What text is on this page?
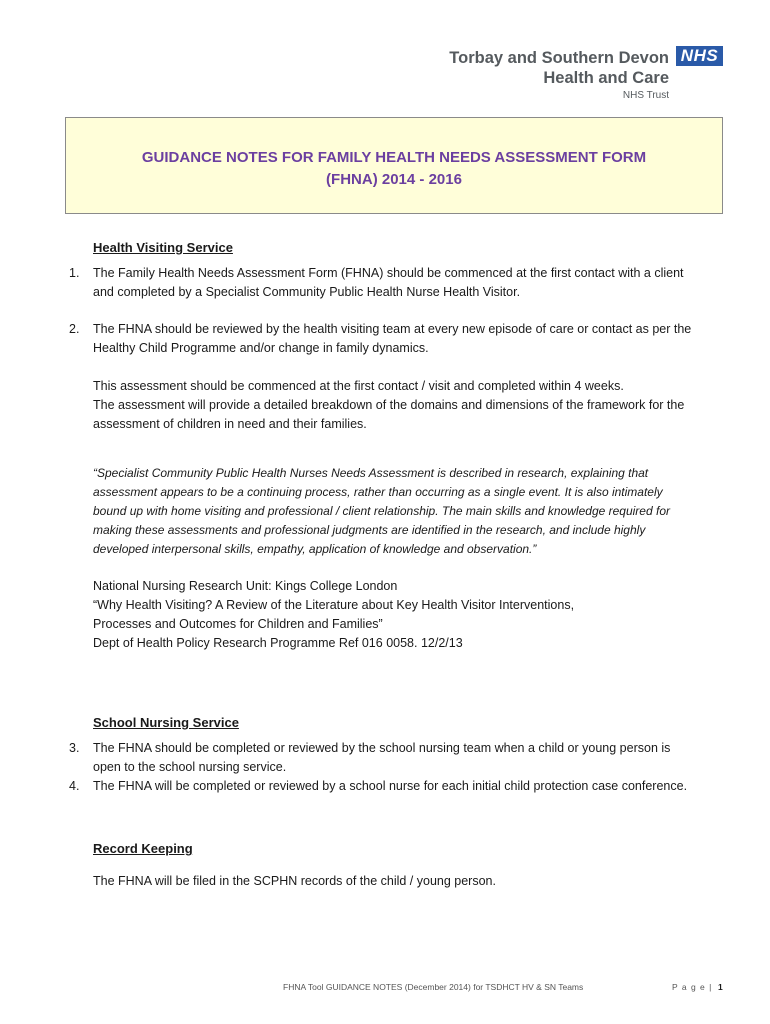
Torbay and Southern Devon
Health and Care
NHS Trust
NHS
GUIDANCE NOTES FOR FAMILY HEALTH NEEDS ASSESSMENT FORM
(FHNA) 2014 - 2016
Health Visiting Service
1. The Family Health Needs Assessment Form (FHNA) should be commenced at the first contact with a client
and completed by a Specialist Community Public Health Nurse Health Visitor.
2. The FHNA should be reviewed by the health visiting team at every new episode of care or contact as per the
Healthy Child Programme and/or change in family dynamics.
This assessment should be commenced at the first contact / visit and completed within 4 weeks.
The assessment will provide a detailed breakdown of the domains and dimensions of the framework for the
assessment of children in need and their families.
“Specialist Community Public Health Nurses Needs Assessment is described in research, explaining that
assessment appears to be a continuing process, rather than occurring as a single event. It is also intimately
bound up with home visiting and professional / client relationship. The main skills and knowledge required for
making these assessments and professional judgments are identified in the research, and include highly
developed interpersonal skills, empathy, application of knowledge and observation.”
National Nursing Research Unit: Kings College London
“Why Health Visiting? A Review of the Literature about Key Health Visitor Interventions,
Processes and Outcomes for Children and Families”
Dept of Health Policy Research Programme Ref 016 0058. 12/2/13
School Nursing Service
3. The FHNA should be completed or reviewed by the school nursing team when a child or young person is
open to the school nursing service.
4. The FHNA will be completed or reviewed by a school nurse for each initial child protection case conference.
Record Keeping
The FHNA will be filed in the SCPHN records of the child / young person.
FHNA Tool GUIDANCE NOTES (December 2014) for TSDHCT HV & SN Teams	P a g e | 1
